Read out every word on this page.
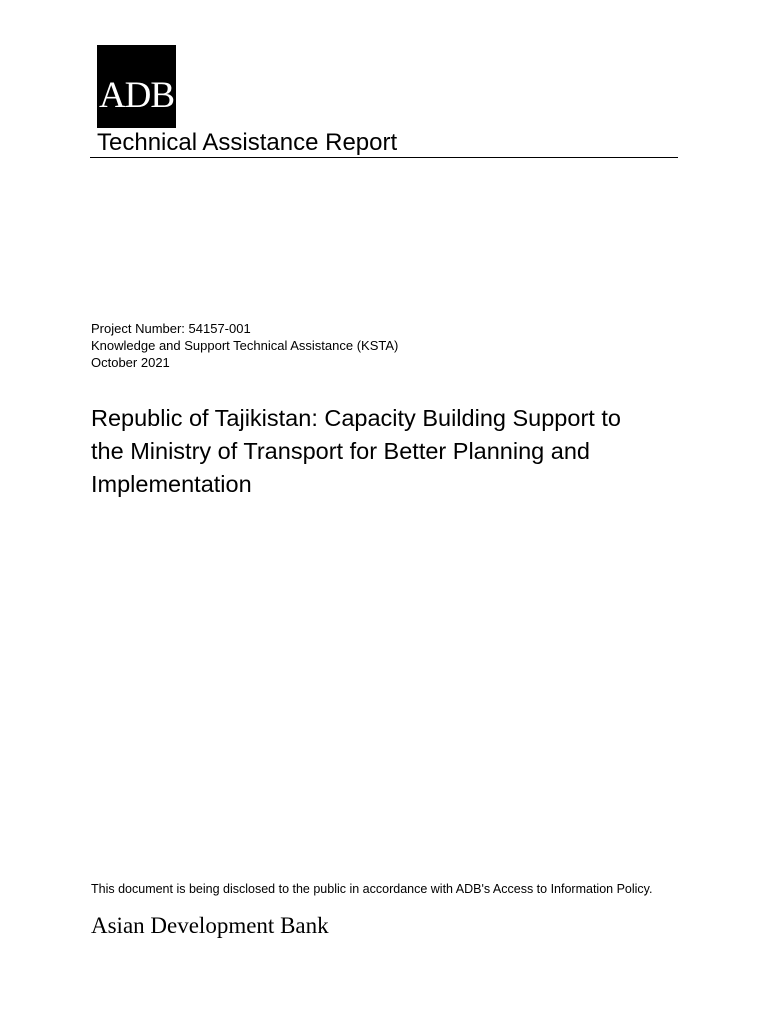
ADB
Technical Assistance Report
Project Number: 54157-001
Knowledge and Support Technical Assistance (KSTA)
October 2021
Republic of Tajikistan: Capacity Building Support to
the Ministry of Transport for Better Planning and
Implementation
This document is being disclosed to the public in accordance with ADB's Access to Information Policy.
Asian Development Bank
